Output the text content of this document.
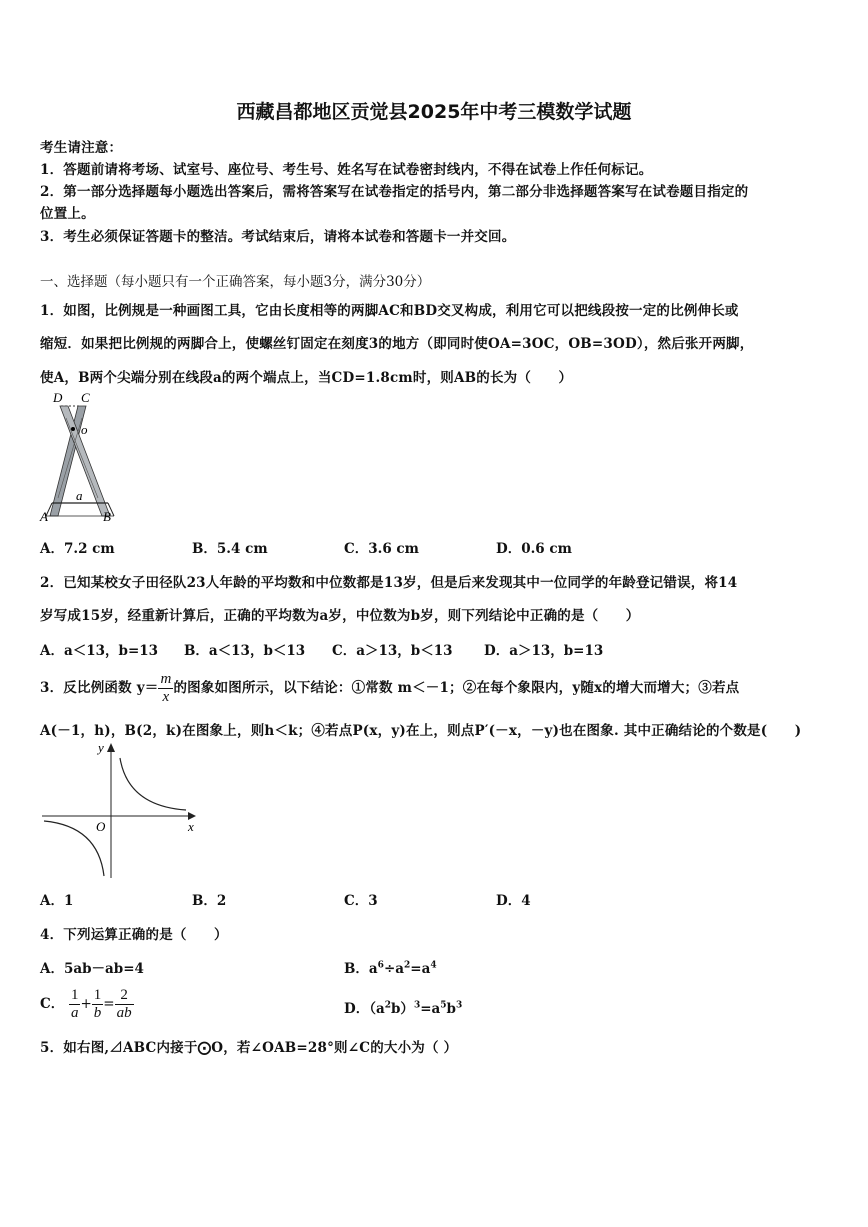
西藏昌都地区贡觉县2025年中考三模数学试题
考生请注意：
1．答题前请将考场、试室号、座位号、考生号、姓名写在试卷密封线内，不得在试卷上作任何标记。
2．第一部分选择题每小题选出答案后，需将答案写在试卷指定的括号内，第二部分非选择题答案写在试卷题目指定的
位置上。
3．考生必须保证答题卡的整洁。考试结束后，请将本试卷和答题卡一并交回。
一、选择题（每小题只有一个正确答案，每小题3分，满分30分）
1．如图，比例规是一种画图工具，它由长度相等的两脚AC和BD交叉构成，利用它可以把线段按一定的比例伸长或
缩短．如果把比例规的两脚合上，使螺丝钉固定在刻度3的地方（即同时使OA=3OC，OB=3OD），然后张开两脚，
使A，B两个尖端分别在线段a的两个端点上，当CD=1.8cm时，则AB的长为（　　）
D C
o
a
A	B
A．7.2 cm	B．5.4 cm	C．3.6 cm	D．0.6 cm
2．已知某校女子田径队23人年龄的平均数和中位数都是13岁，但是后来发现其中一位同学的年龄登记错误，将14
岁写成15岁，经重新计算后，正确的平均数为a岁，中位数为b岁，则下列结论中正确的是（　　）
A．a＜13，b=13 B．a＜13，b＜13 C．a＞13，b＜13 D．a＞13，b=13
3．反比例函数 $y= \frac{m}{x}$ 的图象如图所示，以下结论：①常数 m＜－1；②在每个象限内，y随x的增大而增大；③若点
A(－1，h)，B(2，k)在图象上，则h＜k；④若点P(x，y)在上，则点P′(－x，－y)也在图象. 其中正确结论的个数是(　　)
y
x
O
A．1	B．2	C．3	D．4
4．下列运算正确的是（　　）
A．5ab－ab=4	B．$a^6\div a^2=a^4$
C． $\frac{1}{a} + \frac{1}{b} = \frac{2}{ab}$	D．$(a^2b)^3=a^5b^3$
5．如右图,⊿ABC内接于⨀O，若∠OAB=28°则∠C的大小为（ ）
